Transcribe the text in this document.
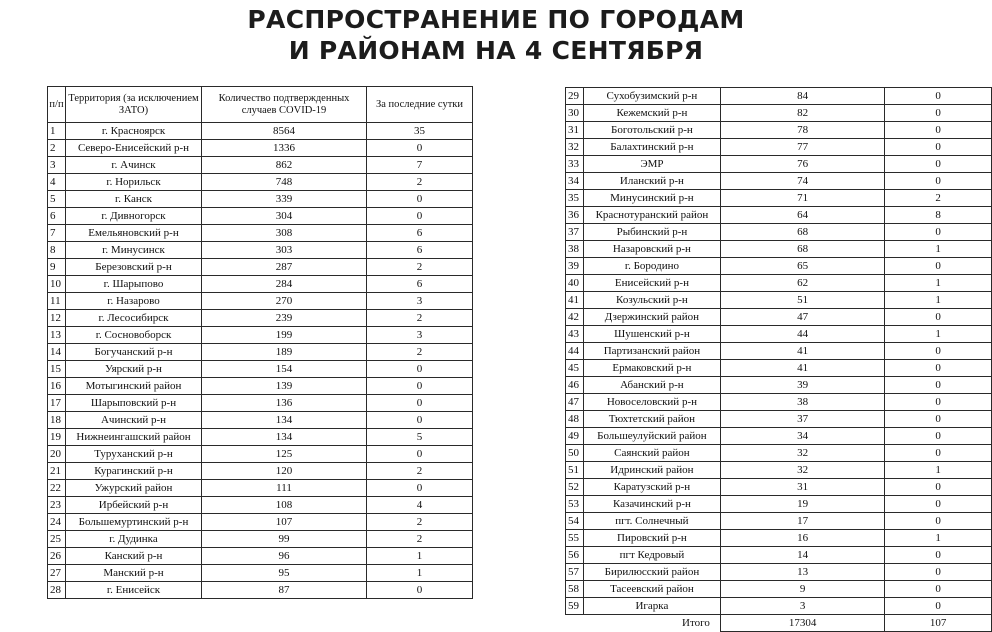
РАСПРОСТРАНЕНИЕ ПО ГОРОДАМ
И РАЙОНАМ НА 4 СЕНТЯБРЯ
п/п	Территория (за исключением ЗАТО)	Количество подтвержденных случаев COVID-19	За последние сутки
1	г. Красноярск	8564	35
2	Северо-Енисейский р-н	1336	0
3	г. Ачинск	862	7
4	г. Норильск	748	2
5	г. Канск	339	0
6	г. Дивногорск	304	0
7	Емельяновский р-н	308	6
8	г. Минусинск	303	6
9	Березовский р-н	287	2
10	г. Шарыпово	284	6
11	г. Назарово	270	3
12	г. Лесосибирск	239	2
13	г. Сосновоборск	199	3
14	Богучанский р-н	189	2
15	Уярский р-н	154	0
16	Мотыгинский район	139	0
17	Шарыповский р-н	136	0
18	Ачинский р-н	134	0
19	Нижнеингашский район	134	5
20	Туруханский р-н	125	0
21	Курагинский р-н	120	2
22	Ужурский район	111	0
23	Ирбейский р-н	108	4
24	Большемуртинский р-н	107	2
25	г. Дудинка	99	2
26	Канский р-н	96	1
27	Манский р-н	95	1
28	г. Енисейск	87	0
29	Сухобузимский р-н	84	0
30	Кежемский р-н	82	0
31	Боготольский р-н	78	0
32	Балахтинский р-н	77	0
33	ЭМР	76	0
34	Иланский р-н	74	0
35	Минусинский р-н	71	2
36	Краснотуранский район	64	8
37	Рыбинский р-н	68	0
38	Назаровский р-н	68	1
39	г. Бородино	65	0
40	Енисейский р-н	62	1
41	Козульский р-н	51	1
42	Дзержинский район	47	0
43	Шушенский р-н	44	1
44	Партизанский район	41	0
45	Ермаковский р-н	41	0
46	Абанский р-н	39	0
47	Новоселовский р-н	38	0
48	Тюхтетский район	37	0
49	Большеулуйский район	34	0
50	Саянский район	32	0
51	Идринский район	32	1
52	Каратузский р-н	31	0
53	Казачинский р-н	19	0
54	пгт. Солнечный	17	0
55	Пировский р-н	16	1
56	пгт Кедровый	14	0
57	Бирилюсский район	13	0
58	Тасеевский район	9	0
59	Игарка	3	0
	Итого	17304	107
